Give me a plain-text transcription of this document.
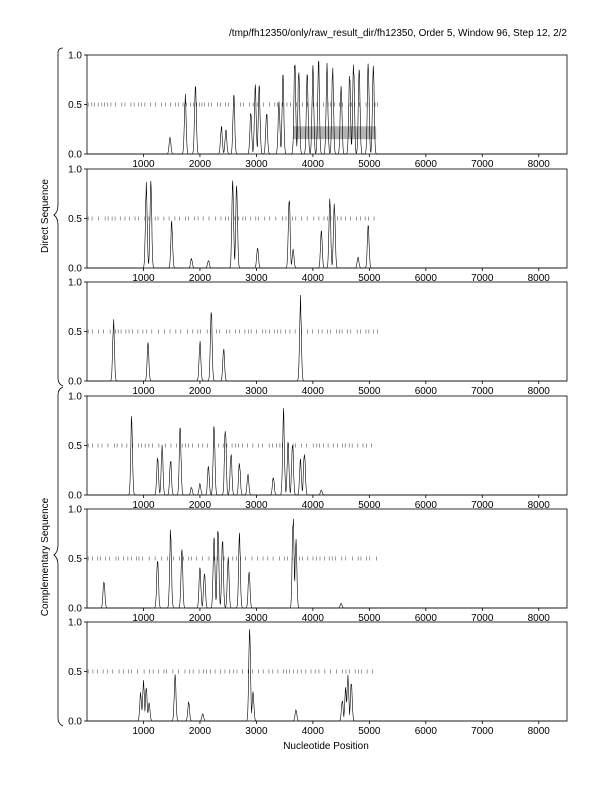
/tmp/fh12350/only/raw_result_dir/fh12350, Order 5, Window 96, Step 12, 2/2
0.0
0.5
1.0
1000	2000	3000	4000	5000	6000	7000	8000
0.0
0.5
1.0
1000	2000	3000	4000	5000	6000	7000	8000
0.0
0.5
1.0
1000	2000	3000	4000	5000	6000	7000	8000
0.0
0.5
1.0
1000	2000	3000	4000	5000	6000	7000	8000
0.0
0.5
1.0
1000	2000	3000	4000	5000	6000	7000	8000
0.0
0.5
1.0
1000	2000	3000	4000	5000	6000	7000	8000
Direct Sequence
Complementary Sequence
Nucleotide Position
